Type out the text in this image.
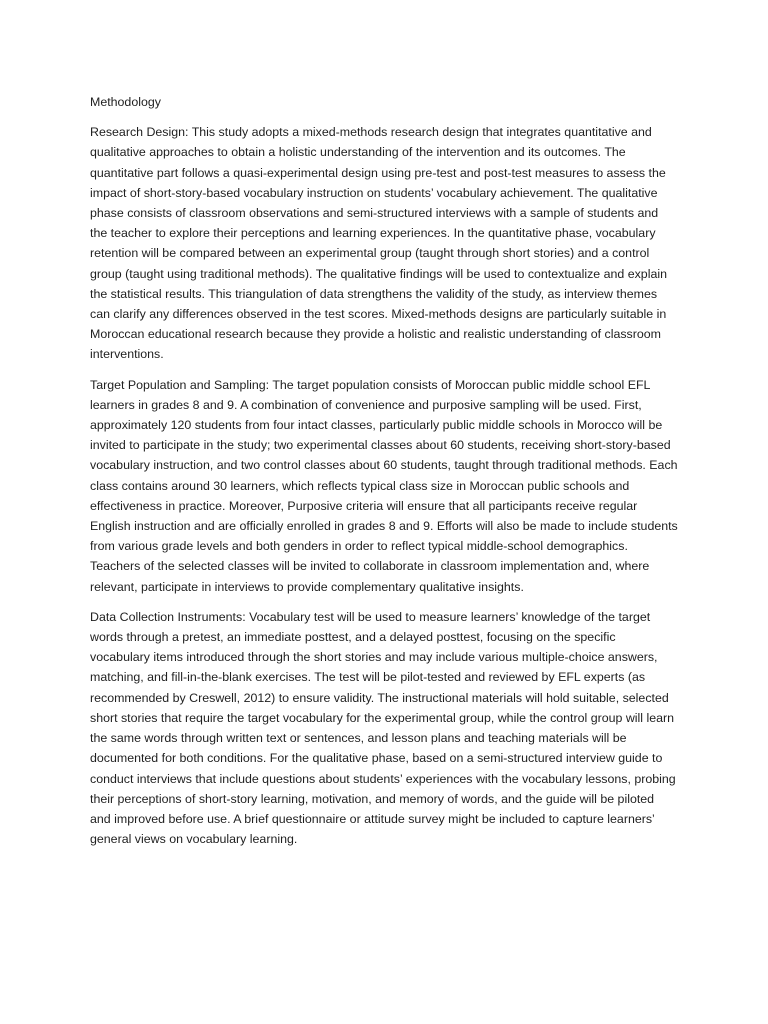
Methodology

Research Design: This study adopts a mixed-methods research design that integrates quantitative and qualitative approaches to obtain a holistic understanding of the intervention and its outcomes. The quantitative part follows a quasi-experimental design using pre-test and post-test measures to assess the impact of short-story-based vocabulary instruction on students’ vocabulary achievement. The qualitative phase consists of classroom observations and semi-structured interviews with a sample of students and the teacher to explore their perceptions and learning experiences. In the quantitative phase, vocabulary retention will be compared between an experimental group (taught through short stories) and a control group (taught using traditional methods). The qualitative findings will be used to contextualize and explain the statistical results. This triangulation of data strengthens the validity of the study, as interview themes can clarify any differences observed in the test scores. Mixed-methods designs are particularly suitable in Moroccan educational research because they provide a holistic and realistic understanding of classroom interventions.

Target Population and Sampling: The target population consists of Moroccan public middle school EFL learners in grades 8 and 9. A combination of convenience and purposive sampling will be used. First, approximately 120 students from four intact classes, particularly public middle schools in Morocco will be invited to participate in the study; two experimental classes about 60 students, receiving short-story-based vocabulary instruction, and two control classes about 60 students, taught through traditional methods. Each class contains around 30 learners, which reflects typical class size in Moroccan public schools and effectiveness in practice. Moreover, Purposive criteria will ensure that all participants receive regular English instruction and are officially enrolled in grades 8 and 9. Efforts will also be made to include students from various grade levels and both genders in order to reflect typical middle-school demographics. Teachers of the selected classes will be invited to collaborate in classroom implementation and, where relevant, participate in interviews to provide complementary qualitative insights.

Data Collection Instruments: Vocabulary test will be used to measure learners’ knowledge of the target words through a pretest, an immediate posttest, and a delayed posttest, focusing on the specific vocabulary items introduced through the short stories and may include various multiple-choice answers, matching, and fill-in-the-blank exercises. The test will be pilot-tested and reviewed by EFL experts (as recommended by Creswell, 2012) to ensure validity. The instructional materials will hold suitable, selected short stories that require the target vocabulary for the experimental group, while the control group will learn the same words through written text or sentences, and lesson plans and teaching materials will be documented for both conditions. For the qualitative phase, based on a semi-structured interview guide to conduct interviews that include questions about students’ experiences with the vocabulary lessons, probing their perceptions of short-story learning, motivation, and memory of words, and the guide will be piloted and improved before use. A brief questionnaire or attitude survey might be included to capture learners’ general views on vocabulary learning.
